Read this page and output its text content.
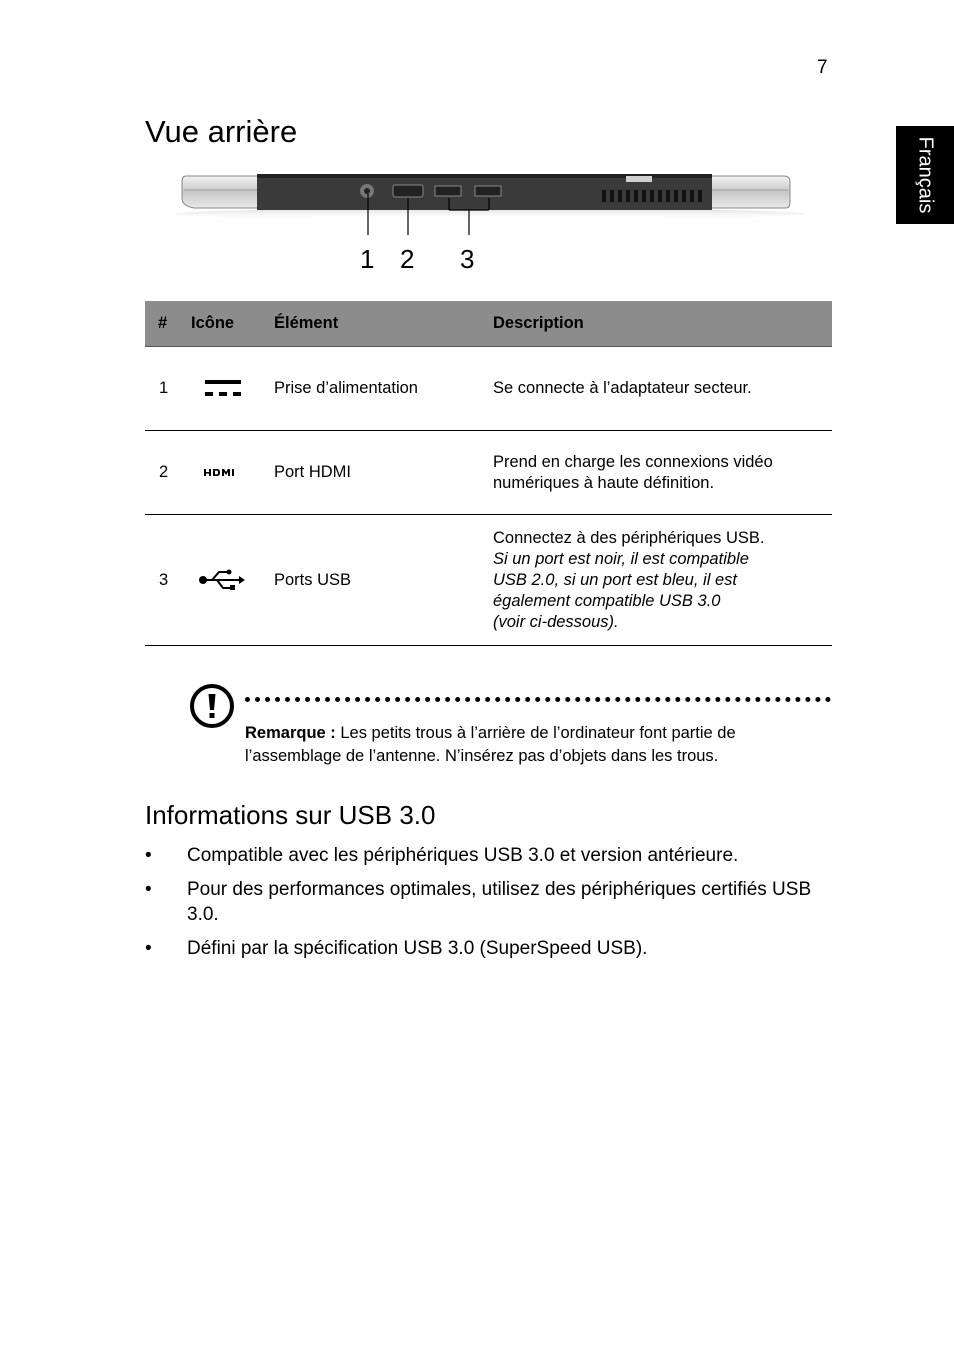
7
Français
Vue arrière
1 2 3
#	Icône	Élément	Description
1		Prise d’alimentation	Se connecte à l’adaptateur secteur.
2		Port HDMI	Prend en charge les connexions vidéo numériques à haute définition.
3		Ports USB	Connectez à des périphériques USB.
Si un port est noir, il est compatible
USB 2.0, si un port est bleu, il est
également compatible USB 3.0
(voir ci-dessous).
Remarque : Les petits trous à l’arrière de l’ordinateur font partie de l’assemblage de l’antenne. N’insérez pas d’objets dans les trous.
Informations sur USB 3.0
• Compatible avec les périphériques USB 3.0 et version antérieure.
• Pour des performances optimales, utilisez des périphériques certifiés USB 3.0.
• Défini par la spécification USB 3.0 (SuperSpeed USB).
